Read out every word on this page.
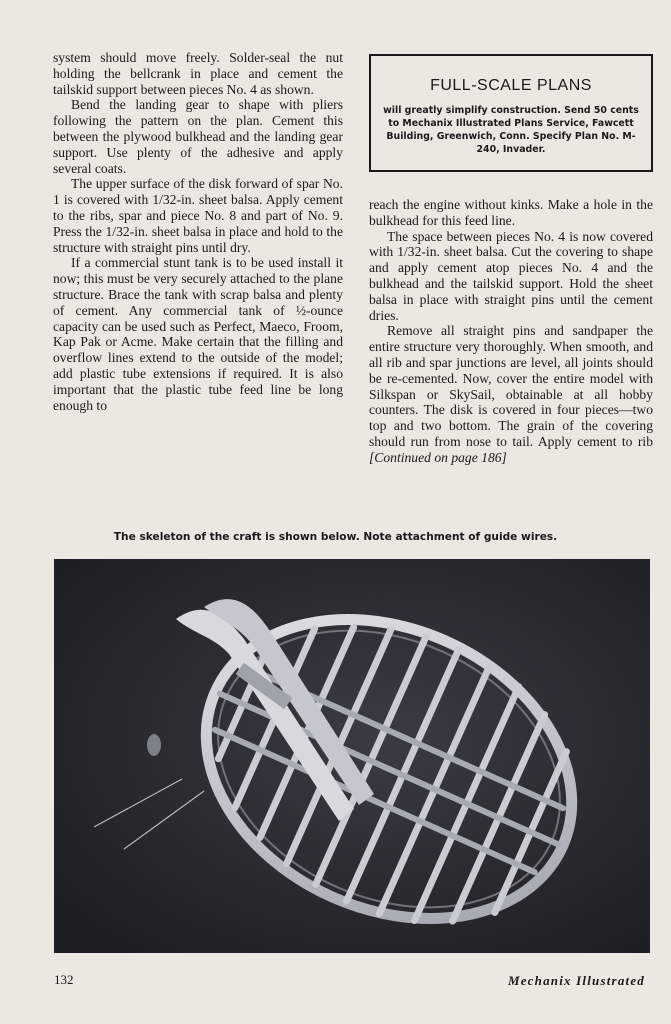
system should move freely. Solder-seal the nut holding the bellcrank in place and cement the tailskid support between pieces No. 4 as shown.

Bend the landing gear to shape with pliers following the pattern on the plan. Cement this between the plywood bulkhead and the landing gear support. Use plenty of the adhesive and apply several coats.

The upper surface of the disk forward of spar No. 1 is covered with 1/32-in. sheet balsa. Apply cement to the ribs, spar and piece No. 8 and part of No. 9. Press the 1/32-in. sheet balsa in place and hold to the structure with straight pins until dry.

If a commercial stunt tank is to be used install it now; this must be very securely attached to the plane structure. Brace the tank with scrap balsa and plenty of cement. Any commercial tank of ½-ounce capacity can be used such as Perfect, Maeco, Froom, Kap Pak or Acme. Make certain that the filling and overflow lines extend to the outside of the model; add plastic tube extensions if required. It is also important that the plastic tube feed line be long enough to

FULL-SCALE PLANS
will greatly simplify construction. Send 50 cents to Mechanix Illustrated Plans Service, Fawcett Building, Greenwich, Conn. Specify Plan No. M-240, Invader.

reach the engine without kinks. Make a hole in the bulkhead for this feed line.

The space between pieces No. 4 is now covered with 1/32-in. sheet balsa. Cut the covering to shape and apply cement atop pieces No. 4 and the bulkhead and the tailskid support. Hold the sheet balsa in place with straight pins until the cement dries.

Remove all straight pins and sandpaper the entire structure very thoroughly. When smooth, and all rib and spar junctions are level, all joints should be re-cemented. Now, cover the entire model with Silkspan or SkySail, obtainable at all hobby counters. The disk is covered in four pieces—two top and two bottom. The grain of the covering should run from nose to tail. Apply cement to rib [Continued on page 186]

The skeleton of the craft is shown below. Note attachment of guide wires.
132	Mechanix Illustrated
